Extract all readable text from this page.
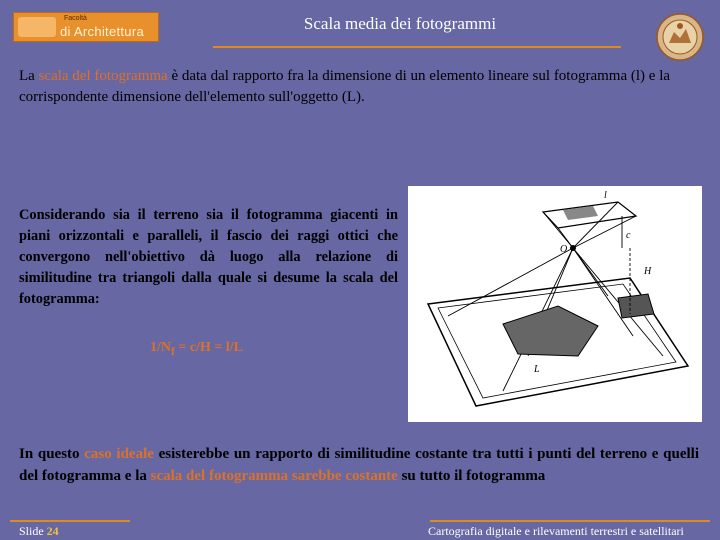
Facoltà
di Architettura	Scala media dei fotogrammi
La scala del fotogramma è data dal rapporto fra la dimensione di un elemento lineare sul fotogramma (l) e la corrispondente dimensione dell'elemento sull'oggetto (L).
Considerando sia il terreno sia il fotogramma giacenti in piani orizzontali e paralleli, il fascio dei raggi ottici che convergono nell'obiettivo dà luogo alla relazione di similitudine tra triangoli dalla quale si desume la scala del fotogramma:
$1/N_f = c/H = l/L$
l
c
O
H
L
In questo caso ideale esisterebbe un rapporto di similitudine costante tra tutti i punti del terreno e quelli del fotogramma e la scala del fotogramma sarebbe costante su tutto il fotogramma
Slide 24	Cartografia digitale e rilevamenti terrestri e satellitari
